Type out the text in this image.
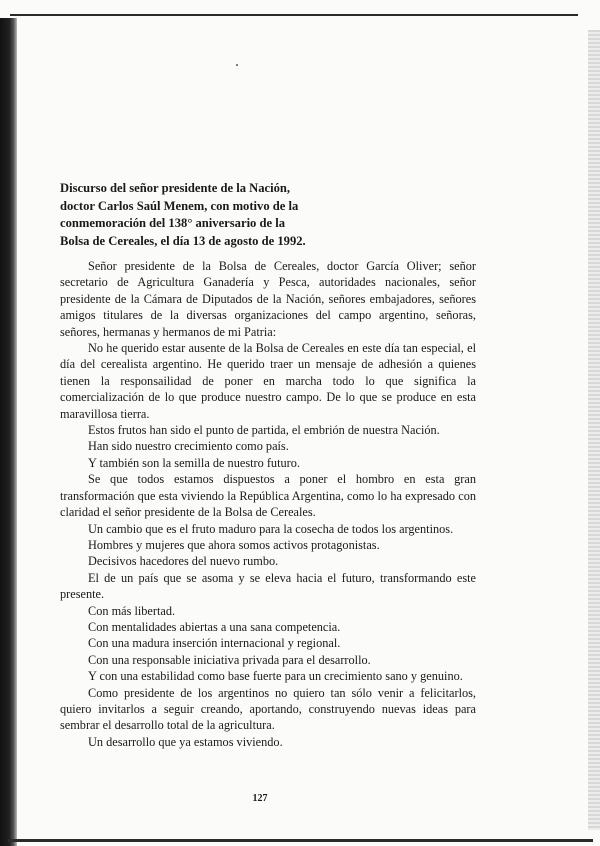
Discurso del señor presidente de la Nación,
doctor Carlos Saúl Menem, con motivo de la
conmemoración del 138° aniversario de la
Bolsa de Cereales, el día 13 de agosto de 1992.

Señor presidente de la Bolsa de Cereales, doctor García Oliver; señor secretario de Agricultura Ganadería y Pesca, autoridades nacionales, señor presidente de la Cámara de Diputados de la Nación, señores embajadores, señores amigos titulares de la diversas organizaciones del campo argentino, señoras, señores, hermanas y hermanos de mi Patria:

No he querido estar ausente de la Bolsa de Cereales en este día tan especial, el día del cerealista argentino. He querido traer un mensaje de adhesión a quienes tienen la responsailidad de poner en marcha todo lo que significa la comercialización de lo que produce nuestro campo. De lo que se produce en esta maravillosa tierra.

Estos frutos han sido el punto de partida, el embrión de nuestra Nación.

Han sido nuestro crecimiento como país.

Y también son la semilla de nuestro futuro.

Se que todos estamos dispuestos a poner el hombro en esta gran transformación que esta viviendo la República Argentina, como lo ha expresado con claridad el señor presidente de la Bolsa de Cereales.

Un cambio que es el fruto maduro para la cosecha de todos los argentinos.

Hombres y mujeres que ahora somos activos protagonistas.

Decisivos hacedores del nuevo rumbo.

El de un país que se asoma y se eleva hacia el futuro, transformando este presente.

Con más libertad.

Con mentalidades abiertas a una sana competencia.

Con una madura inserción internacional y regional.

Con una responsable iniciativa privada para el desarrollo.

Y con una estabilidad como base fuerte para un crecimiento sano y genuino.

Como presidente de los argentinos no quiero tan sólo venir a felicitarlos, quiero invitarlos a seguir creando, aportando, construyendo nuevas ideas para sembrar el desarrollo total de la agricultura.

Un desarrollo que ya estamos viviendo.

127
